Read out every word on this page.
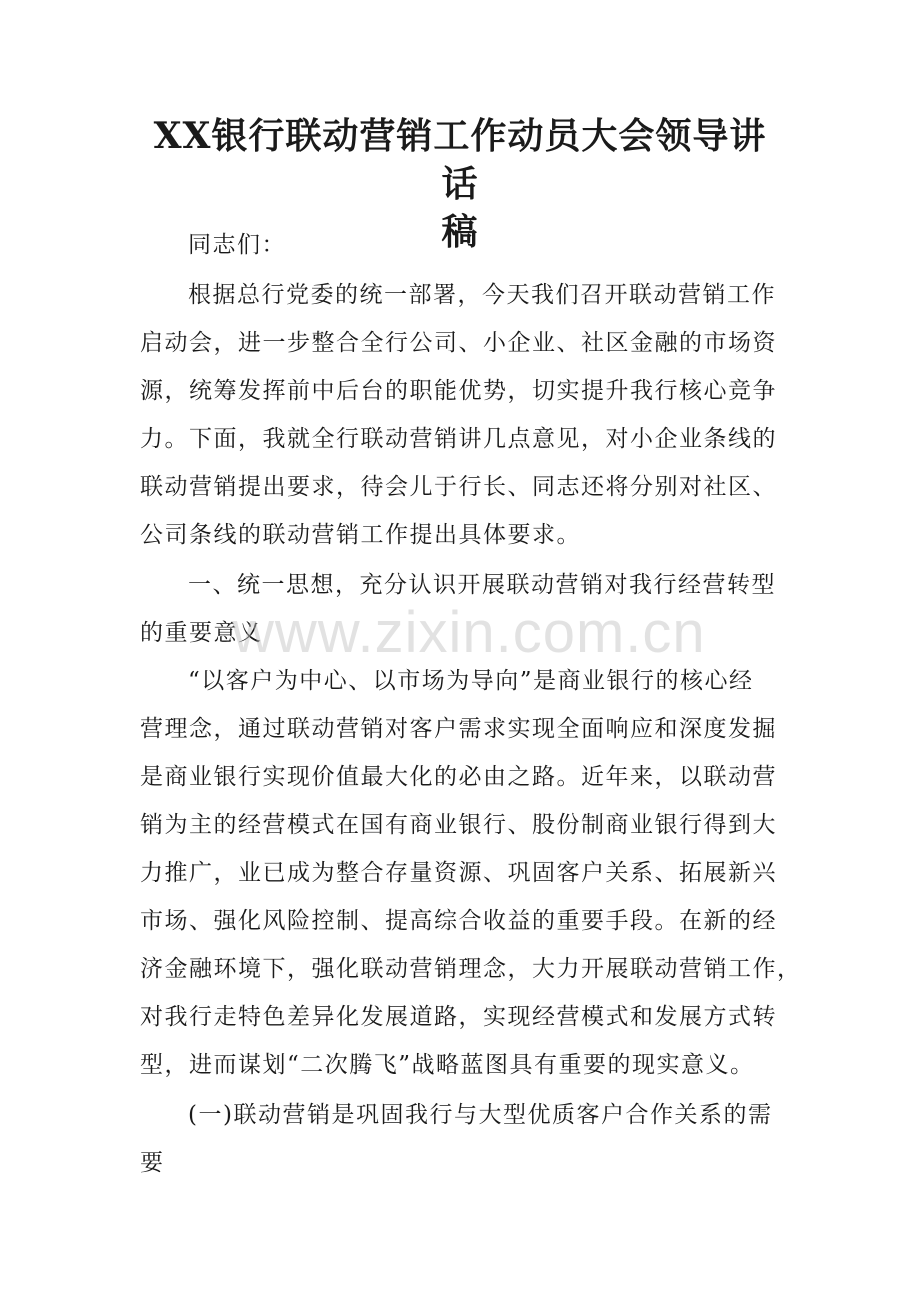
XX银行联动营销工作动员大会领导讲话
稿

同志们：

根据总行党委的统一部署，今天我们召开联动营销工作

启动会，进一步整合全行公司、小企业、社区金融的市场资

源，统筹发挥前中后台的职能优势，切实提升我行核心竞争

力。下面，我就全行联动营销讲几点意见，对小企业条线的

联动营销提出要求，待会儿于行长、同志还将分别对社区、

公司条线的联动营销工作提出具体要求。

一、统一思想，充分认识开展联动营销对我行经营转型

的重要意义

“以客户为中心、以市场为导向”是商业银行的核心经

营理念，通过联动营销对客户需求实现全面响应和深度发掘

是商业银行实现价值最大化的必由之路。近年来，以联动营

销为主的经营模式在国有商业银行、股份制商业银行得到大

力推广，业已成为整合存量资源、巩固客户关系、拓展新兴

市场、强化风险控制、提高综合收益的重要手段。在新的经

济金融环境下，强化联动营销理念，大力开展联动营销工作，

对我行走特色差异化发展道路，实现经营模式和发展方式转

型，进而谋划“二次腾飞”战略蓝图具有重要的现实意义。

(一)联动营销是巩固我行与大型优质客户合作关系的需

要

www.zixin.com.cn
